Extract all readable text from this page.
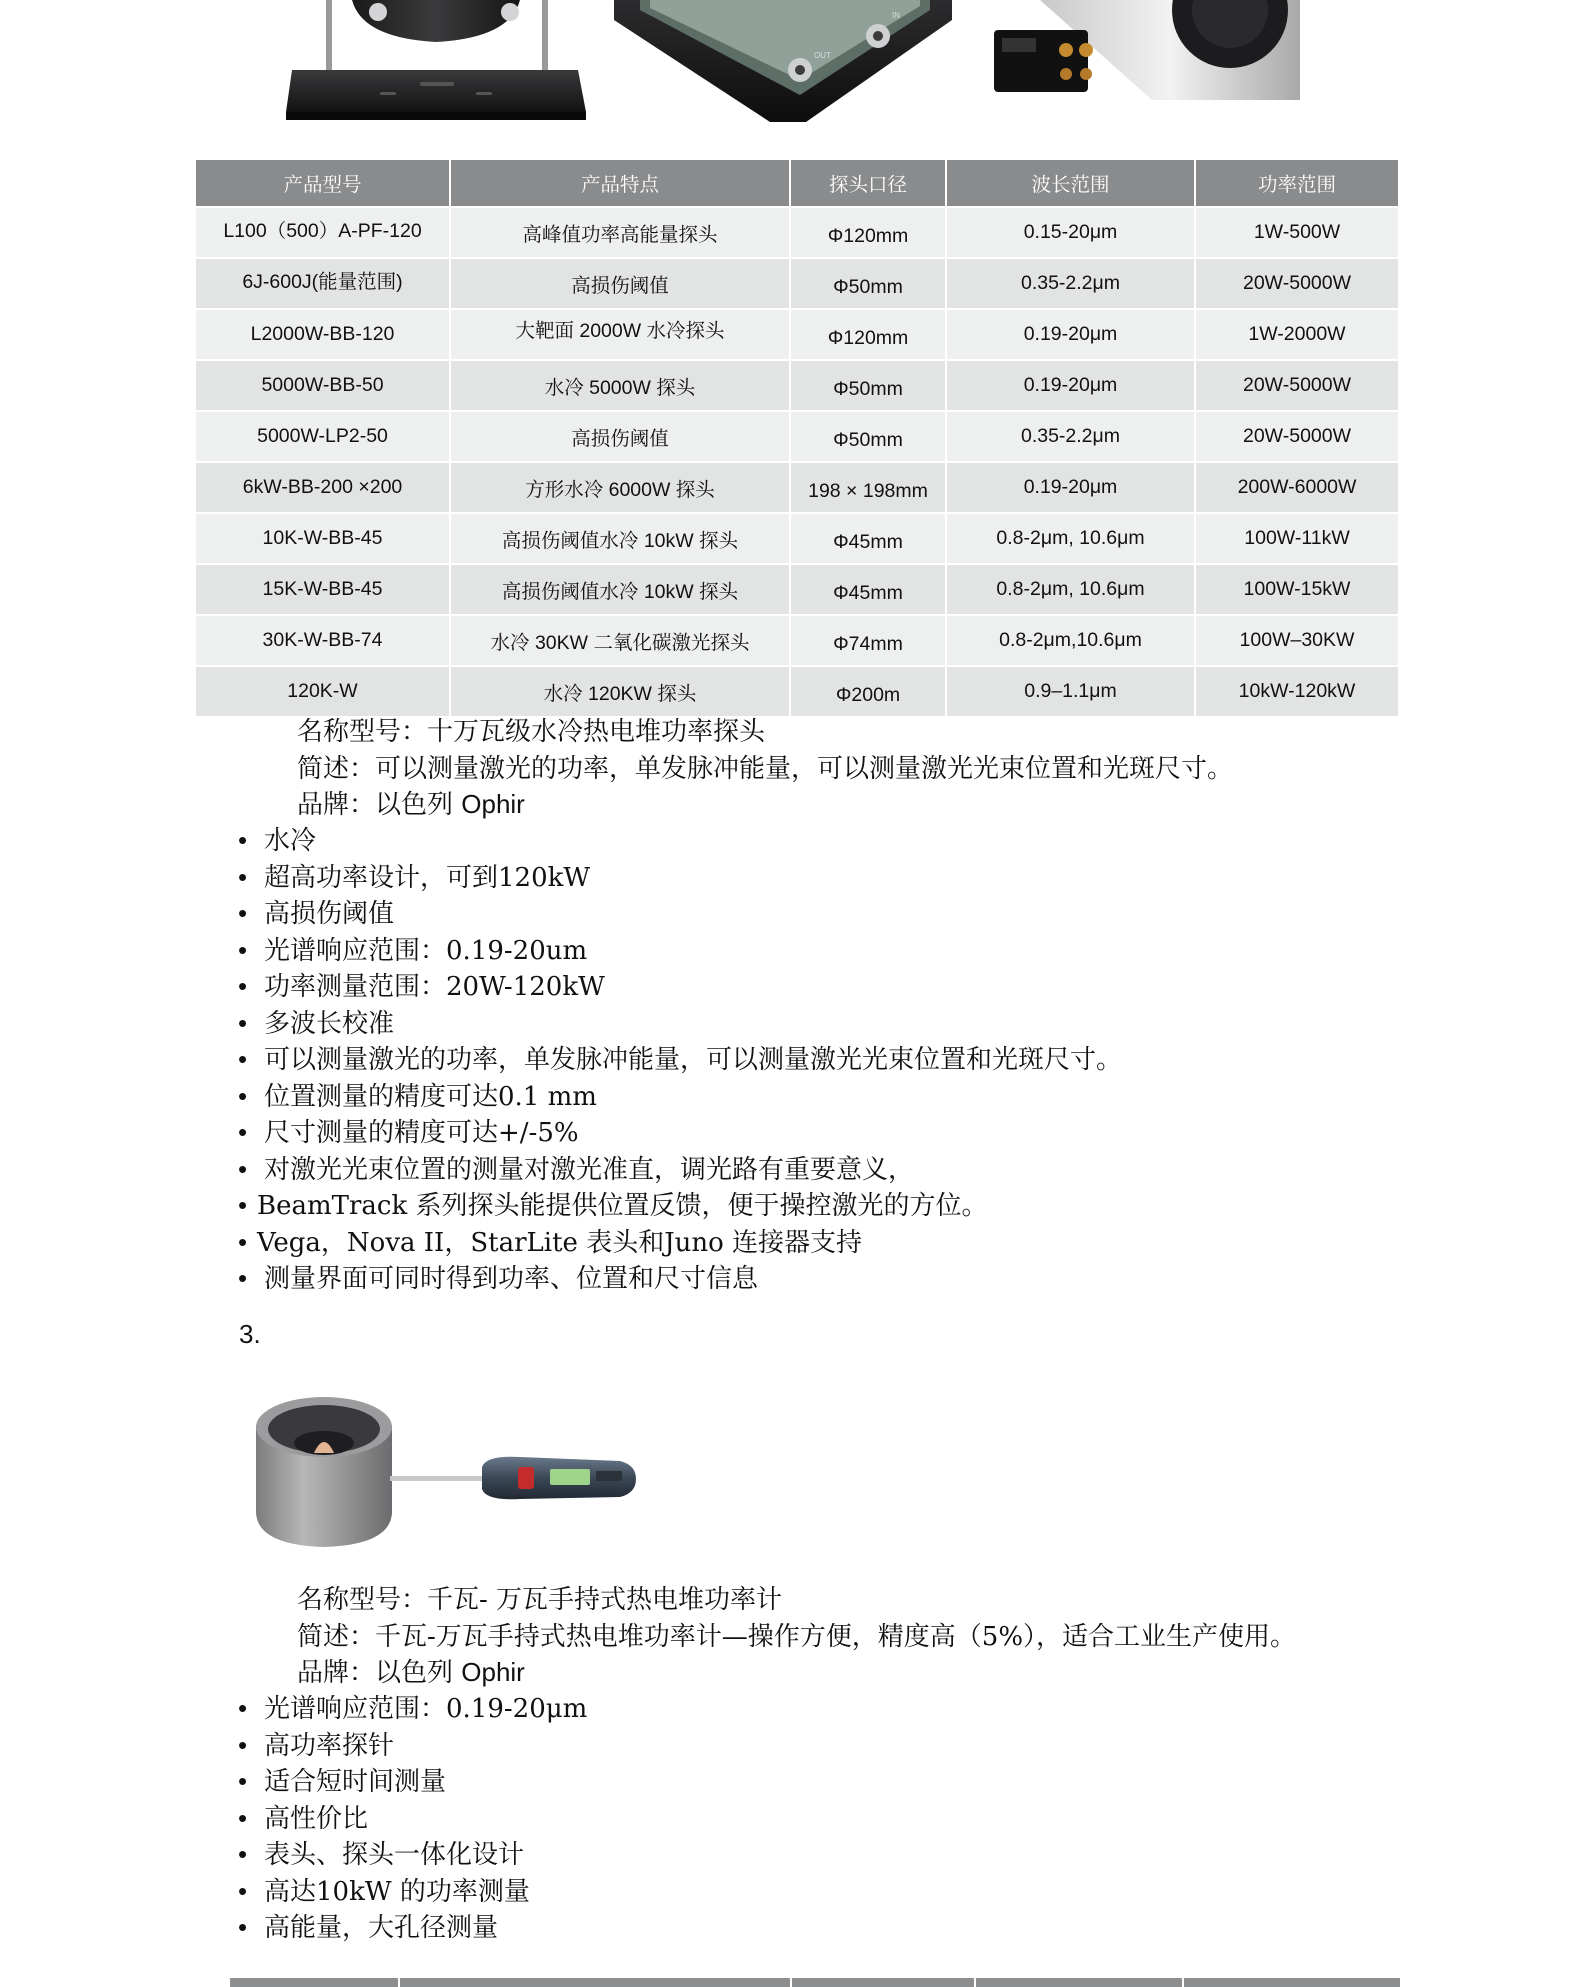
OUT
IN
产品型号	产品特点	探头口径	波长范围	功率范围
L100（500）A-PF-120	高峰值功率高能量探头	Φ120mm	0.15-20μm	1W-500W
6J-600J(能量范围)	高损伤阈值	Φ50mm	0.35-2.2μm	20W-5000W
L2000W-BB-120	大靶面 2000W 水冷探头	Φ120mm	0.19-20μm	1W-2000W
5000W-BB-50	水冷 5000W 探头	Φ50mm	0.19-20μm	20W-5000W
5000W-LP2-50	高损伤阈值	Φ50mm	0.35-2.2μm	20W-5000W
6kW-BB-200 ×200	方形水冷 6000W 探头	198 × 198mm	0.19-20μm	200W-6000W
10K-W-BB-45	高损伤阈值水冷 10kW 探头	Φ45mm	0.8-2μm, 10.6μm	100W-11kW
15K-W-BB-45	高损伤阈值水冷 10kW 探头	Φ45mm	0.8-2μm, 10.6μm	100W-15kW
30K-W-BB-74	水冷 30KW 二氧化碳激光探头	Φ74mm	0.8-2μm,10.6μm	100W–30KW
120K-W	水冷 120KW 探头	Φ200m	0.9–1.1μm	10kW-120kW
名称型号：十万瓦级水冷热电堆功率探头
简述：可以测量激光的功率，单发脉冲能量，可以测量激光光束位置和光斑尺寸。
品牌：以色列 Ophir
• 水冷
• 超高功率设计，可到120kW
• 高损伤阈值
• 光谱响应范围：0.19-20um
• 功率测量范围：20W-120kW
• 多波长校准
• 可以测量激光的功率，单发脉冲能量，可以测量激光光束位置和光斑尺寸。
• 位置测量的精度可达0.1 mm
• 尺寸测量的精度可达+/-5%
• 对激光光束位置的测量对激光准直，调光路有重要意义，
• BeamTrack 系列探头能提供位置反馈，便于操控激光的方位。
• Vega，Nova II，StarLite 表头和Juno 连接器支持
• 测量界面可同时得到功率、位置和尺寸信息
3.
名称型号：千瓦- 万瓦手持式热电堆功率计
简述：千瓦-万瓦手持式热电堆功率计—操作方便，精度高（5%），适合工业生产使用。
品牌：以色列 Ophir
• 光谱响应范围：0.19-20μm
• 高功率探针
• 适合短时间测量
• 高性价比
• 表头、探头一体化设计
• 高达10kW 的功率测量
• 高能量，大孔径测量
